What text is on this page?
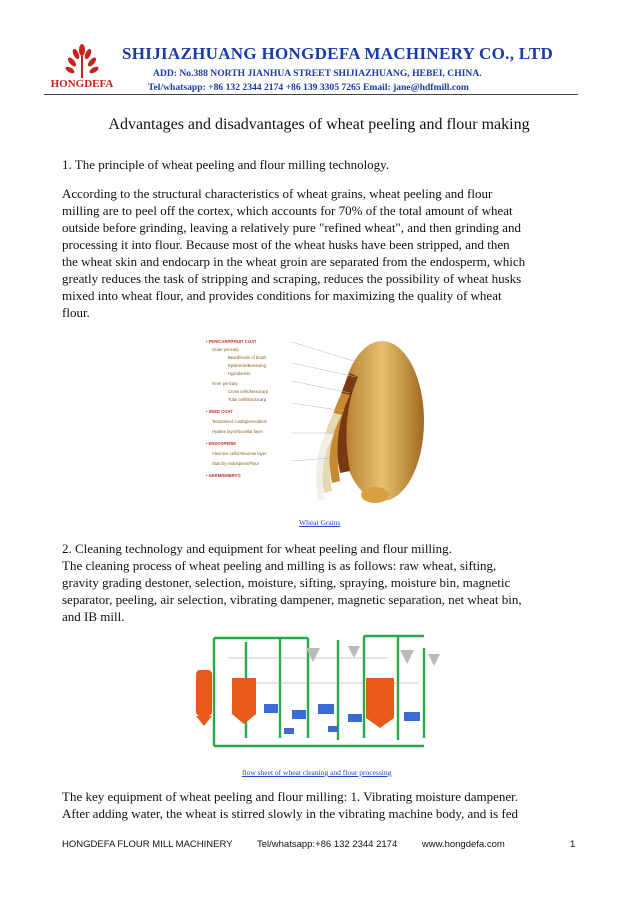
HONGDEFA
SHIJIAZHUANG HONGDEFA MACHINERY CO., LTD
ADD: No.388 NORTH JIANHUA STREET SHIJIAZHUANG, HEBEI, CHINA.
Tel/whatsapp: +86 132 2344 2174 +86 139 3305 7265 Email: jane@hdfmill.com
Advantages and disadvantages of wheat peeling and flour making
1. The principle of wheat peeling and flour milling technology.
According to the structural characteristics of wheat grains, wheat peeling and flour
milling are to peel off the cortex, which accounts for 70% of the total amount of wheat
outside before grinding, leaving a relatively pure "refined wheat", and then grinding and
processing it into flour. Because most of the wheat husks have been stripped, and then
the wheat skin and endocarp in the wheat groin are separated from the endosperm, which
greatly reduces the task of stripping and scraping, reduces the possibility of wheat husks
mixed into wheat flour, and provides conditions for maximizing the quality of wheat
flour.
• PERICARP/FRUIT COAT
Outer pericarp
Beard/Hairs of brush
Epidermis/Beeswing
Hypodermis
Inner pericarp
Cross cells/Mesocarp
Tube cells/Endocarp
• SEED COAT
Testa/Seed coat/Spermoderm
Hyaline layer/Nucellar layer
• ENDOSPERM
Aleurone cells/Aleurone layer
Starchy endosperm/Flour
• GERM/EMBRYO
Wheat Grains
2. Cleaning technology and equipment for wheat peeling and flour milling.
The cleaning process of wheat peeling and milling is as follows: raw wheat, sifting,
gravity grading destoner, selection, moisture, sifting, spraying, moisture bin, magnetic
separator, peeling, air selection, vibrating dampener, magnetic separation, net wheat bin,
and IB mill.
flow sheet of wheat cleaning and flour processing
The key equipment of wheat peeling and flour milling: 1. Vibrating moisture dampener.
After adding water, the wheat is stirred slowly in the vibrating machine body, and is fed
HONGDEFA FLOUR MILL MACHINERY	Tel/whatsapp:+86 132 2344 2174	www.hongdefa.com	1
